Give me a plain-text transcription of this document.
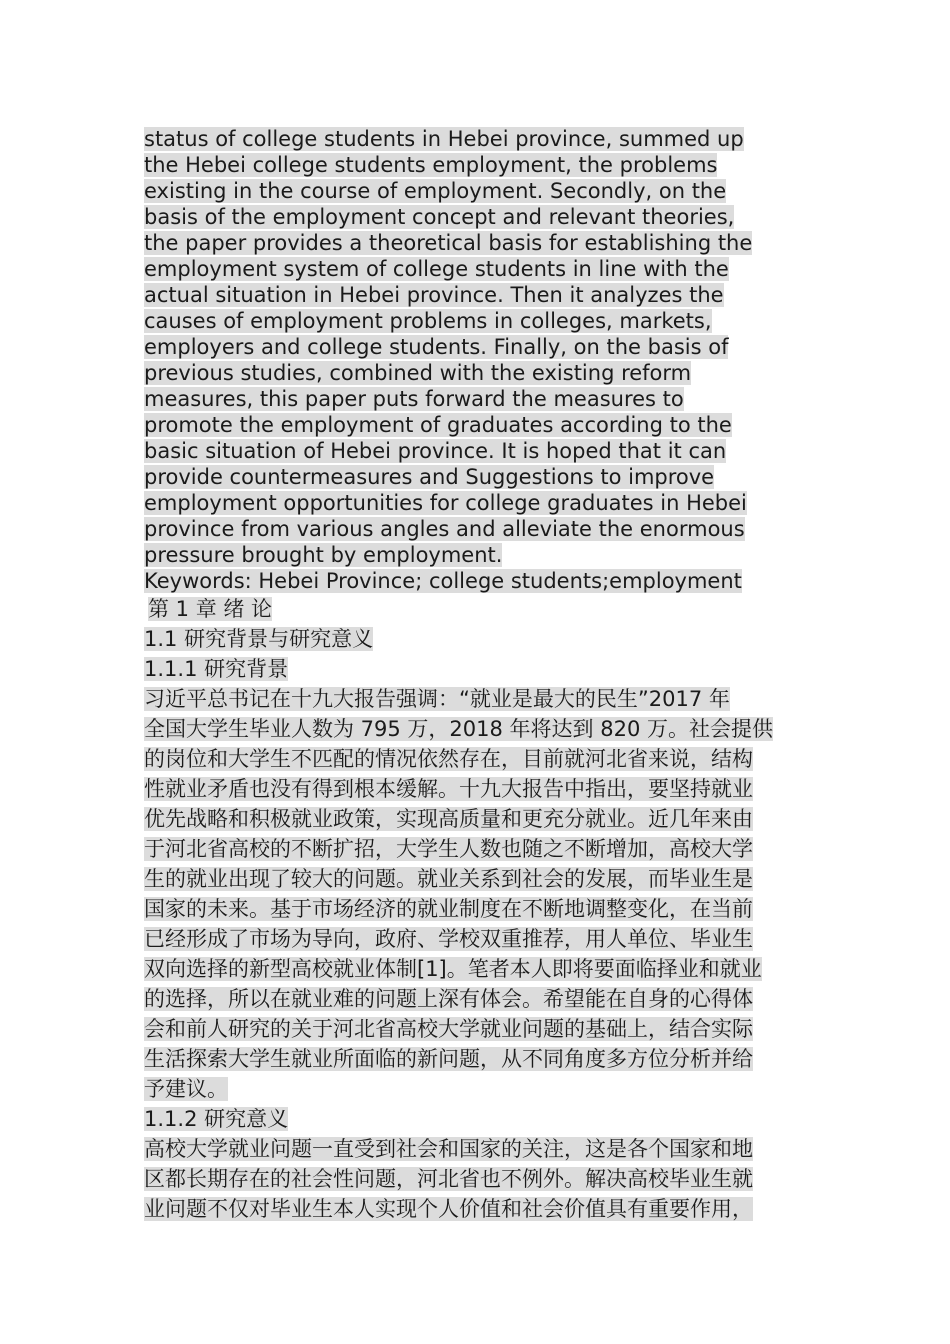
status of college students in Hebei province, summed up
the Hebei college students employment, the problems
existing in the course of employment. Secondly, on the
basis of the employment concept and relevant theories,
the paper provides a theoretical basis for establishing the
employment system of college students in line with the
actual situation in Hebei province. Then it analyzes the
causes of employment problems in colleges, markets,
employers and college students. Finally, on the basis of
previous studies, combined with the existing reform
measures, this paper puts forward the measures to
promote the employment of graduates according to the
basic situation of Hebei province. It is hoped that it can
provide countermeasures and Suggestions to improve
employment opportunities for college graduates in Hebei
province from various angles and alleviate the enormous
pressure brought by employment.
Keywords: Hebei Province; college students;employment
第 1 章 绪 论
1.1 研究背景与研究意义
1.1.1 研究背景
习近平总书记在十九大报告强调：“就业是最大的民生”2017 年
全国大学生毕业人数为 795 万，2018 年将达到 820 万。社会提供
的岗位和大学生不匹配的情况依然存在，目前就河北省来说，结构
性就业矛盾也没有得到根本缓解。十九大报告中指出，要坚持就业
优先战略和积极就业政策，实现高质量和更充分就业。近几年来由
于河北省高校的不断扩招，大学生人数也随之不断增加，高校大学
生的就业出现了较大的问题。就业关系到社会的发展，而毕业生是
国家的未来。基于市场经济的就业制度在不断地调整变化，在当前
已经形成了市场为导向，政府、学校双重推荐，用人单位、毕业生
双向选择的新型高校就业体制[1]。笔者本人即将要面临择业和就业
的选择，所以在就业难的问题上深有体会。希望能在自身的心得体
会和前人研究的关于河北省高校大学就业问题的基础上，结合实际
生活探索大学生就业所面临的新问题，从不同角度多方位分析并给
予建议。
1.1.2 研究意义
高校大学就业问题一直受到社会和国家的关注，这是各个国家和地
区都长期存在的社会性问题，河北省也不例外。解决高校毕业生就
业问题不仅对毕业生本人实现个人价值和社会价值具有重要作用，
